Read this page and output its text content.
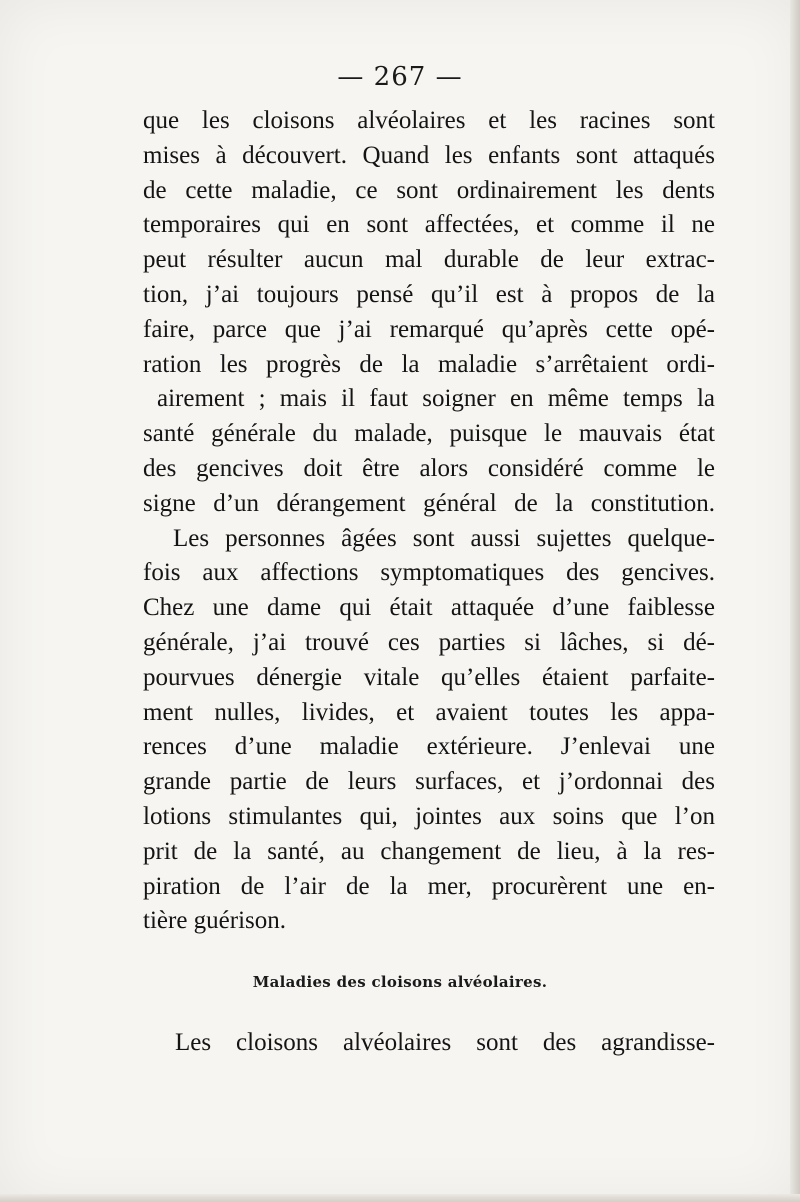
— 267 —
que les cloisons alvéolaires et les racines sont
mises à découvert. Quand les enfants sont attaqués
de cette maladie, ce sont ordinairement les dents
temporaires qui en sont affectées, et comme il ne
peut résulter aucun mal durable de leur extrac-
tion, j’ai toujours pensé qu’il est à propos de la
faire, parce que j’ai remarqué qu’après cette opé-
ration les progrès de la maladie s’arrêtaient ordi-
airement ; mais il faut soigner en même temps la
santé générale du malade, puisque le mauvais état
des gencives doit être alors considéré comme le
signe d’un dérangement général de la constitution.
Les personnes âgées sont aussi sujettes quelque-
fois aux affections symptomatiques des gencives.
Chez une dame qui était attaquée d’une faiblesse
générale, j’ai trouvé ces parties si lâches, si dé-
pourvues dénergie vitale qu’elles étaient parfaite-
ment nulles, livides, et avaient toutes les appa-
rences d’une maladie extérieure. J’enlevai une
grande partie de leurs surfaces, et j’ordonnai des
lotions stimulantes qui, jointes aux soins que l’on
prit de la santé, au changement de lieu, à la res-
piration de l’air de la mer, procurèrent une en-
tière guérison.
Maladies des cloisons alvéolaires.
Les cloisons alvéolaires sont des agrandisse-
